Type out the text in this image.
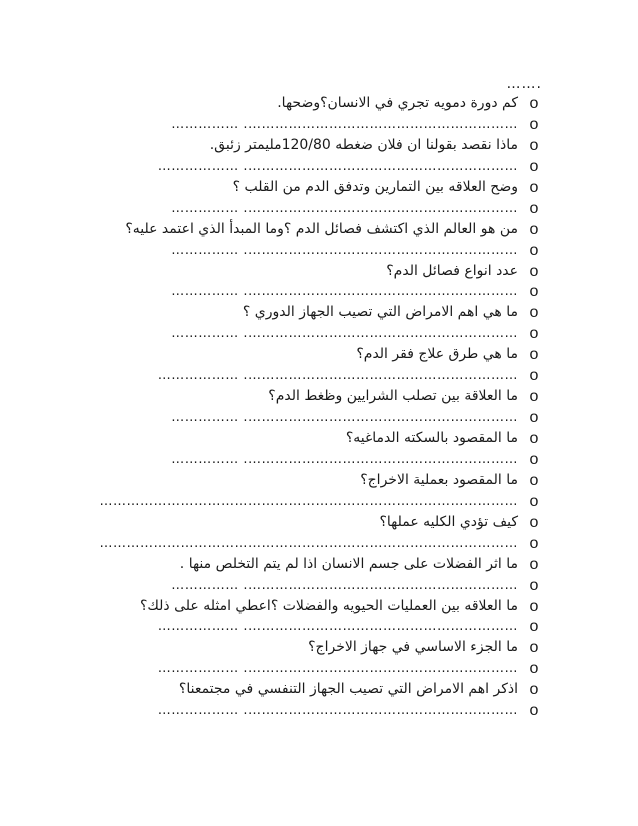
…….
o
كم دورة دمويه تجري في الانسان؟وضحها.
o
……………………………………………………. ……………
o
ماذا نقصد بقولنا ان فلان ضغطه 120/80مليمتر زئبق.
o
……………………………………………………. ………………
o
وضح العلاقه بين التمارين وتدفق الدم من القلب ؟
o
……………………………………………………. ……………
o
من هو العالم الذي اكتشف فصائل الدم ؟وما المبدأ الذي اعتمد عليه؟
o
……………………………………………………. ……………
o
عدد انواع فصائل الدم؟
o
……………………………………………………. ……………
o
ما هي اهم الامراض التي تصيب الجهاز الدوري ؟
o
……………………………………………………. ……………
o
ما هي طرق علاج فقر الدم؟
o
……………………………………………………. ………………
o
ما العلاقة بين تصلب الشرايين وظغط الدم؟
o
……………………………………………………. ……………
o
ما المقصود بالسكته الدماغيه؟
o
……………………………………………………. ……………
o
ما المقصود بعملية الاخراج؟
o
…………………………………………………………………………………
o
كيف تؤدي الكليه عملها؟
o
…………………………………………………………………………………
o
ما اثر الفضلات على جسم الانسان اذا لم يتم التخلص منها .
o
……………………………………………………. ……………
o
ما العلاقه بين العمليات الحيويه والفضلات ؟اعطي امثله على ذلك؟
o
……………………………………………………. ………………
o
ما الجزء الاساسي في جهاز الاخراج؟
o
……………………………………………………. ………………
o
اذكر اهم الامراض التي تصيب الجهاز التنفسي في مجتمعنا؟
o
……………………………………………………. ………………
